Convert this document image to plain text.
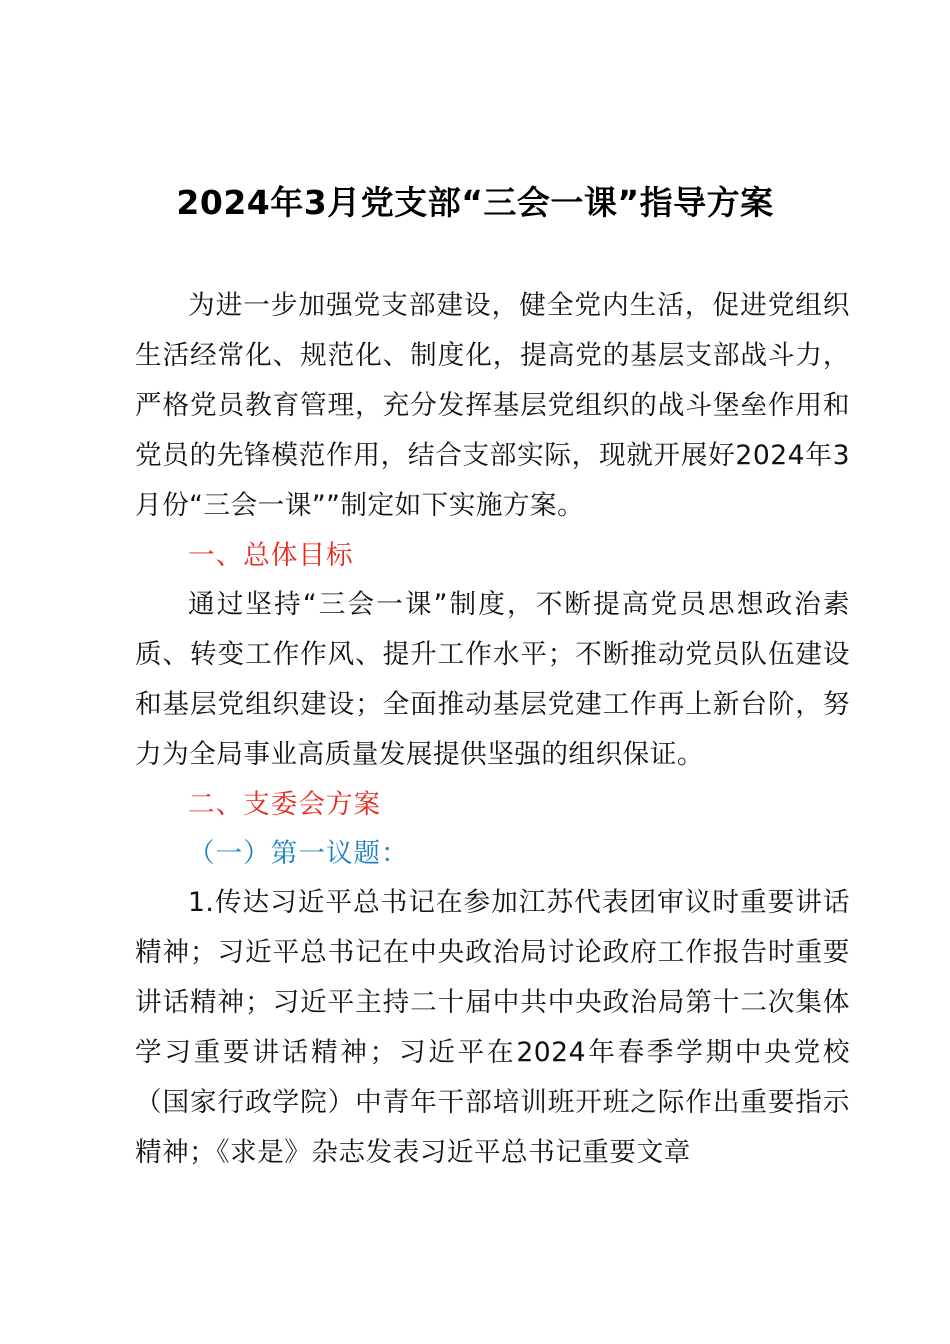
2024年3月党支部“三会一课”指导方案

为进一步加强党支部建设，健全党内生活，促进党组织生活经常化、规范化、制度化，提高党的基层支部战斗力，严格党员教育管理，充分发挥基层党组织的战斗堡垒作用和党员的先锋模范作用，结合支部实际，现就开展好2024年3月份“三会一课””制定如下实施方案。

一、总体目标

通过坚持“三会一课”制度，不断提高党员思想政治素质、转变工作作风、提升工作水平；不断推动党员队伍建设和基层党组织建设；全面推动基层党建工作再上新台阶，努力为全局事业高质量发展提供坚强的组织保证。

二、支委会方案
（一）第一议题：

1.传达习近平总书记在参加江苏代表团审议时重要讲话精神；习近平总书记在中央政治局讨论政府工作报告时重要讲话精神；习近平主持二十届中共中央政治局第十二次集体学习重要讲话精神；习近平在2024年春季学期中央党校（国家行政学院）中青年干部培训班开班之际作出重要指示精神；《求是》杂志发表习近平总书记重要文章
